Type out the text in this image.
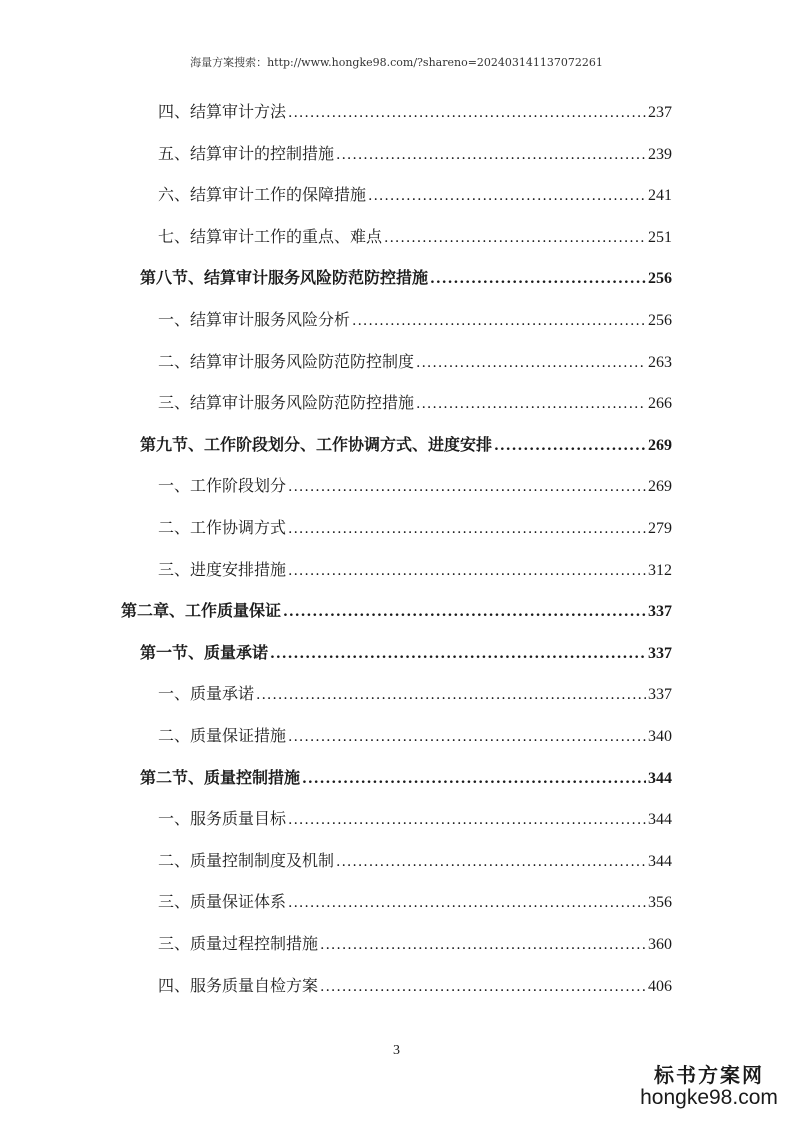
海量方案搜索：http://www.hongke98.com/?shareno=202403141137072261
四、结算审计方法 .....	237
五、结算审计的控制措施 .....	239
六、结算审计工作的保障措施 .....	241
七、结算审计工作的重点、难点 .....	251
第八节、结算审计服务风险防范防控措施 .....	256
一、结算审计服务风险分析 .....	256
二、结算审计服务风险防范防控制度 .....	263
三、结算审计服务风险防范防控措施 .....	266
第九节、工作阶段划分、工作协调方式、进度安排 .....	269
一、工作阶段划分 .....	269
二、工作协调方式 .....	279
三、进度安排措施 .....	312
第二章、工作质量保证 .....	337
第一节、质量承诺 .....	337
一、质量承诺 .....	337
二、质量保证措施 .....	340
第二节、质量控制措施 .....	344
一、服务质量目标 .....	344
二、质量控制制度及机制 .....	344
三、质量保证体系 .....	356
三、质量过程控制措施 .....	360
四、服务质量自检方案 .....	406
3
标书方案网
hongke98.com
